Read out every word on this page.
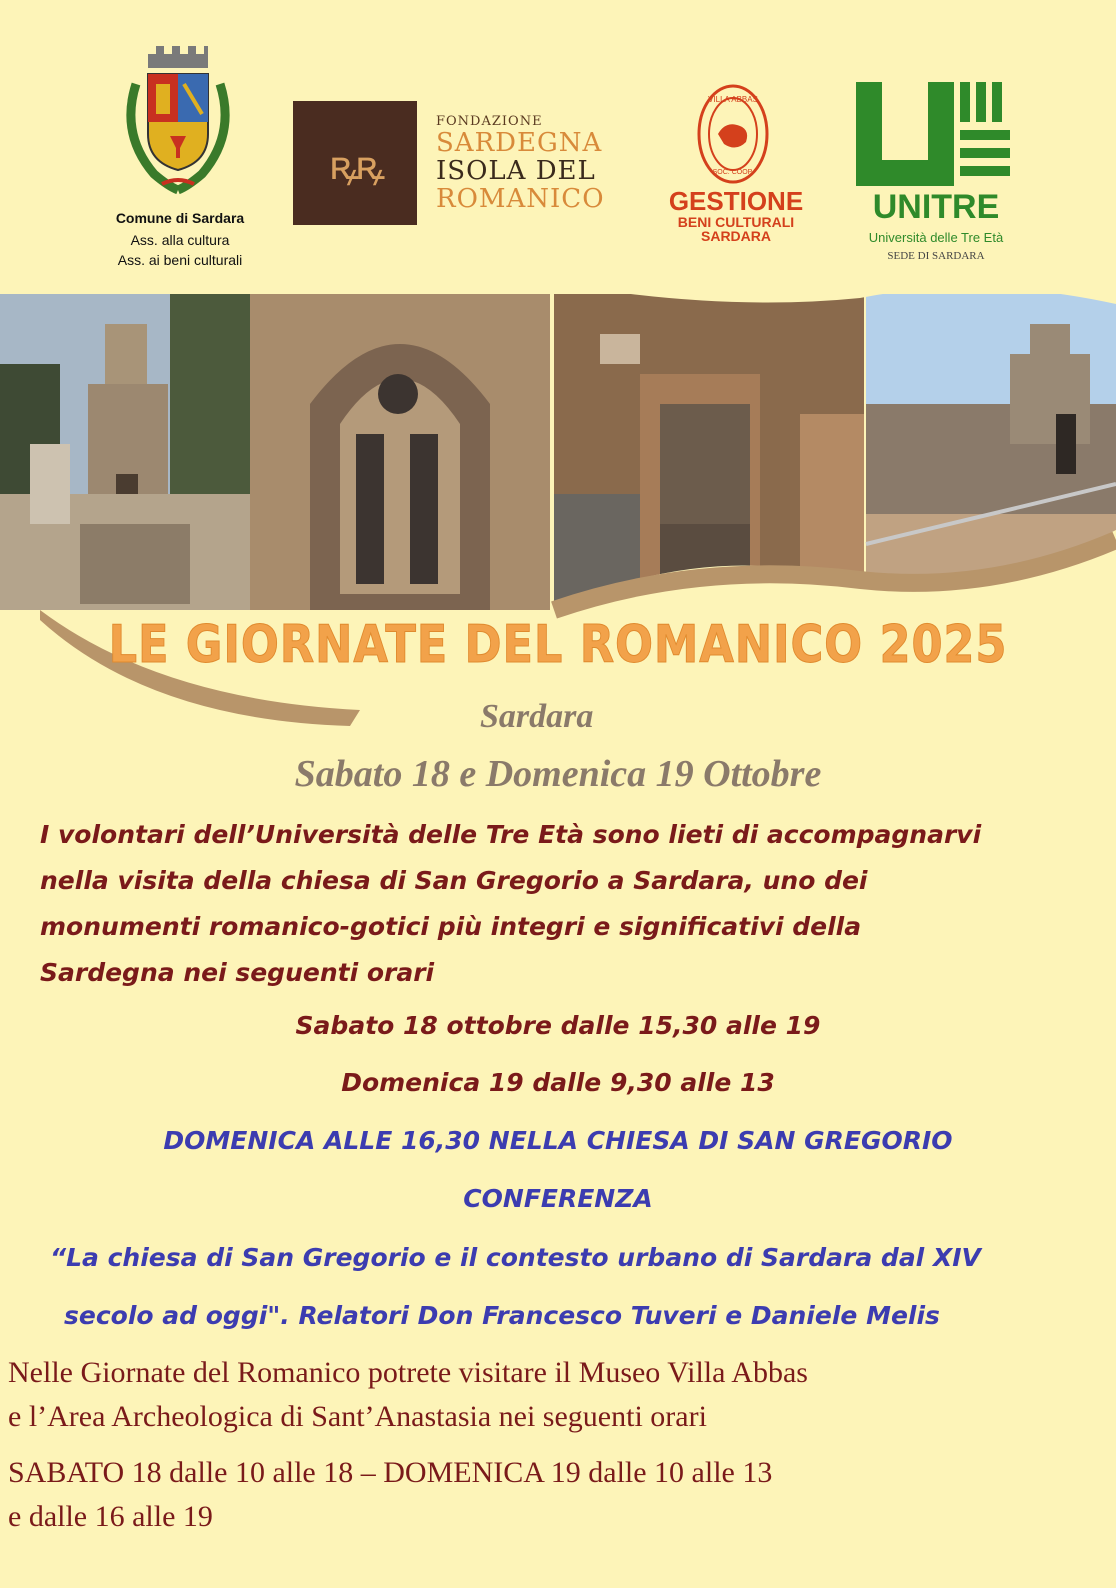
Comune di Sardara
Ass. alla cultura
Ass. ai beni culturali
ꝶꝶ
FONDAZIONE
SARDEGNA
ISOLA DEL
ROMANICO
VILLA ABBAS
SOC. COOP.
GESTIONE
BENI CULTURALI
SARDARA
UNITRE
Università delle Tre Età
SEDE DI SARDARA
LE GIORNATE DEL ROMANICO 2025
Sardara
Sabato 18 e Domenica 19 Ottobre
I volontari dell’Università delle Tre Età sono lieti di accompagnarvi
nella visita della chiesa di San Gregorio a Sardara, uno dei
monumenti romanico-gotici più integri e significativi della
Sardegna nei seguenti orari
Sabato 18 ottobre dalle 15,30 alle 19
Domenica 19 dalle 9,30 alle 13
DOMENICA ALLE 16,30 NELLA CHIESA DI SAN GREGORIO
CONFERENZA
“La chiesa di San Gregorio e il contesto urbano di Sardara dal XIV
secolo ad oggi". Relatori Don Francesco Tuveri e Daniele Melis
Nelle Giornate del Romanico potrete visitare il Museo Villa Abbas
e l’Area Archeologica di Sant’Anastasia nei seguenti orari
SABATO 18 dalle 10 alle 18 – DOMENICA 19 dalle 10 alle 13
e dalle 16 alle 19
